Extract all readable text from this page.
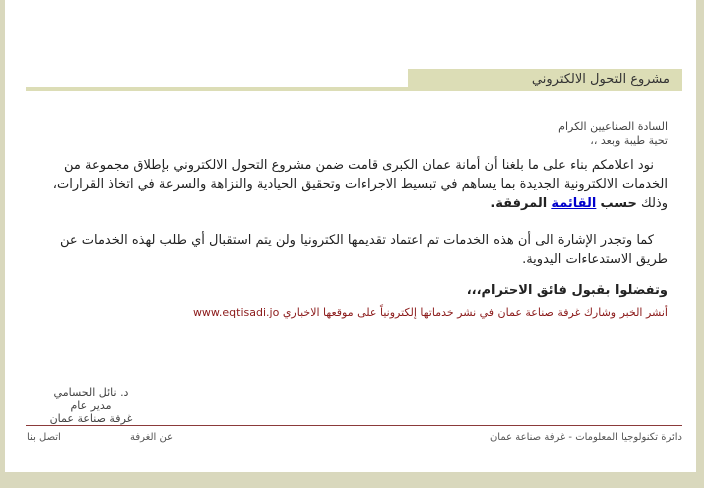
مشروع التحول الالكتروني
السادة الصناعيين الكرام
تحية طيبة وبعد ،،
نود اعلامكم بناء على ما بلغنا أن أمانة عمان الكبرى قامت ضمن مشروع التحول الالكتروني بإطلاق مجموعة من الخدمات الالكترونية الجديدة بما يساهم في تبسيط الاجراءات وتحقيق الحيادية والنزاهة والسرعة في اتخاذ القرارات، وذلك حسب القائمة المرفقة.
كما وتجدر الإشارة الى أن هذه الخدمات تم اعتماد تقديمها الكترونيا ولن يتم استقبال أي طلب لهذه الخدمات عن طريق الاستدعاءات اليدوية.
وتفضلوا بقبول فائق الاحترام،،،
أنشر الخبر وشارك غرفة صناعة عمان في نشر خدماتها إلكترونياً على موقعها الاخباري www.eqtisadi.jo
د. نائل الحسامي
مدير عام
غرفة صناعة عمان
دائرة تكنولوجيا المعلومات - غرفة صناعة عمان
عن الغرفة
اتصل بنا
